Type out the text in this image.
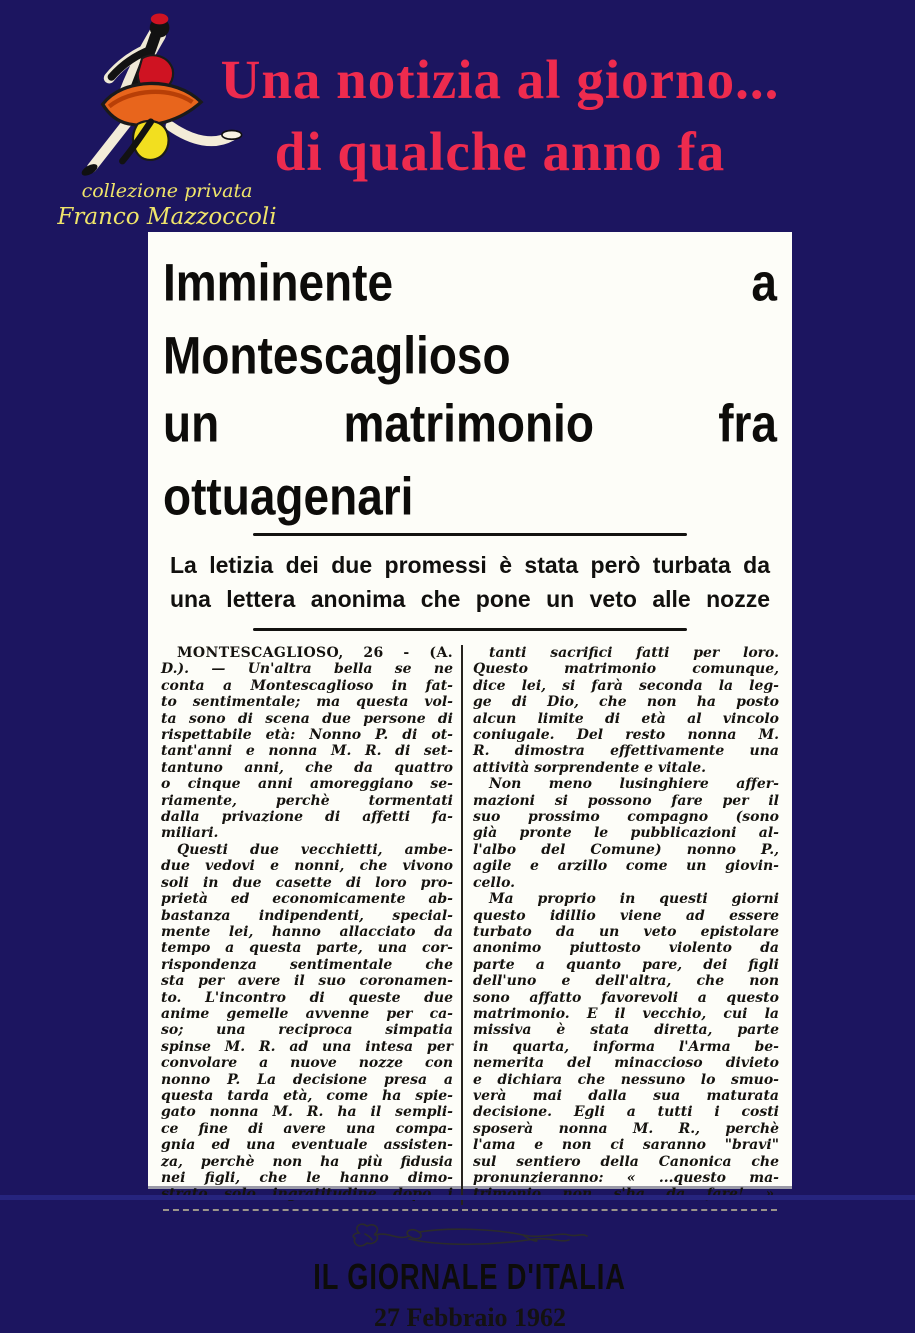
collezione privata
Franco Mazzoccoli
Una notizia al giorno...
di qualche anno fa
Imminente a Montescaglioso
un matrimonio fra ottuagenari
La letizia dei due promessi è stata però turbata da
una lettera anonima che pone un veto alle nozze
MONTESCAGLIOSO, 26 - (A.
D.). — Un'altra bella se ne
conta a Montescaglioso in fat-
to sentimentale; ma questa vol-
ta sono di scena due persone di
rispettabile età: Nonno P. di ot-
tant'anni e nonna M. R. di set-
tantuno anni, che da quattro
o cinque anni amoreggiano se-
riamente, perchè tormentati
dalla privazione di affetti fa-
miliari.
Questi due vecchietti, ambe-
due vedovi e nonni, che vivono
soli in due casette di loro pro-
prietà ed economicamente ab-
bastanza indipendenti, special-
mente lei, hanno allacciato da
tempo a questa parte, una cor-
rispondenza sentimentale che
sta per avere il suo coronamen-
to. L'incontro di queste due
anime gemelle avvenne per ca-
so; una reciproca simpatia
spinse M. R. ad una intesa per
convolare a nuove nozze con
nonno P. La decisione presa a
questa tarda età, come ha spie-
gato nonna M. R. ha il sempli-
ce fine di avere una compa-
gnia ed una eventuale assisten-
za, perchè non ha più fidusia
nei figli, che le hanno dimo-
tanti sacrifici fatti per loro.
Questo matrimonio comunque,
dice lei, si farà seconda la leg-
ge di Dio, che non ha posto
alcun limite di età al vincolo
coniugale. Del resto nonna M.
R. dimostra effettivamente una
attività sorprendente e vitale.
Non meno lusinghiere affer-
mazioni si possono fare per il
suo prossimo compagno (sono
già pronte le pubblicazioni al-
l'albo del Comune) nonno P.,
agile e arzillo come un giovin-
cello.
Ma proprio in questi giorni
questo idillio viene ad essere
turbato da un veto epistolare
anonimo piuttosto violento da
parte a quanto pare, dei figli
dell'uno e dell'altra, che non
sono affatto favorevoli a questo
matrimonio. E il vecchio, cui la
missiva è stata diretta, parte
in quarta, informa l'Arma be-
nemerita del minaccioso divieto
e dichiara che nessuno lo smuo-
verà mai dalla sua maturata
decisione. Egli a tutti i costi
sposerà nonna M. R., perchè
l'ama e non ci saranno "bravi"
sul sentiero della Canonica che
pronunzieranno: « ...questo ma-
IL GIORNALE D'ITALIA
27 Febbraio 1962
